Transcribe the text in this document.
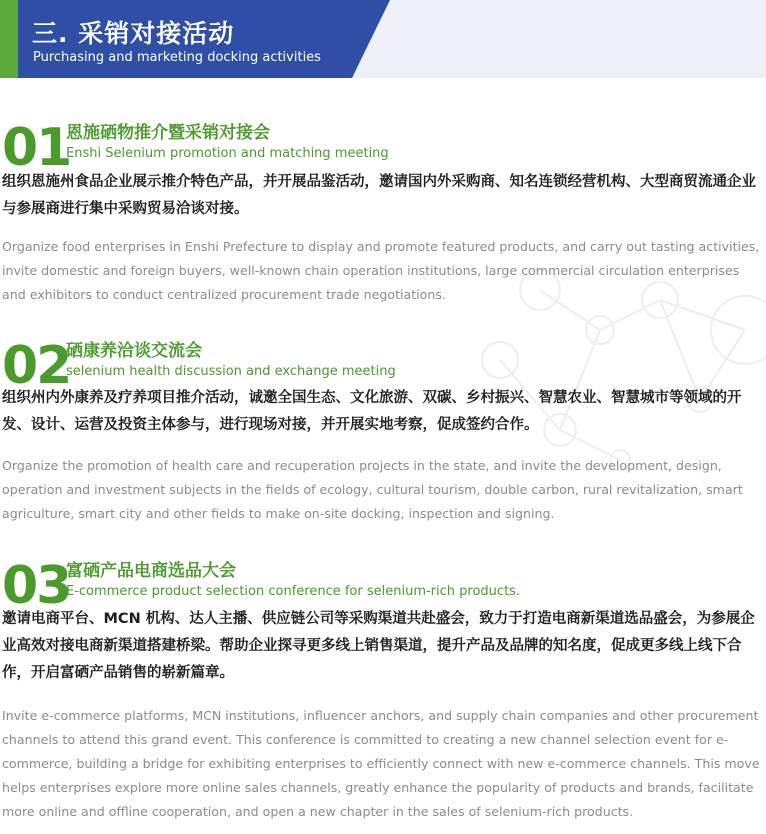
三. 采销对接活动
Purchasing and marketing docking activities
01
恩施硒物推介暨采销对接会
Enshi Selenium promotion and matching meeting
组织恩施州食品企业展示推介特色产品，并开展品鉴活动，邀请国内外采购商、知名连锁经营机构、大型商贸流通企业与参展商进行集中采购贸易洽谈对接。
Organize food enterprises in Enshi Prefecture to display and promote featured products, and carry out tasting activities, invite domestic and foreign buyers, well-known chain operation institutions, large commercial circulation enterprises and exhibitors to conduct centralized procurement trade negotiations.
02
硒康养洽谈交流会
selenium health discussion and exchange meeting
组织州内外康养及疗养项目推介活动，诚邀全国生态、文化旅游、双碳、乡村振兴、智慧农业、智慧城市等领域的开发、设计、运营及投资主体参与，进行现场对接，并开展实地考察，促成签约合作。
Organize the promotion of health care and recuperation projects in the state, and invite the development, design, operation and investment subjects in the fields of ecology, cultural tourism, double carbon, rural revitalization, smart agriculture, smart city and other fields to make on-site docking, inspection and signing.
03
富硒产品电商选品大会
E-commerce product selection conference for selenium-rich products.
邀请电商平台、MCN 机构、达人主播、供应链公司等采购渠道共赴盛会，致力于打造电商新渠道选品盛会，为参展企业高效对接电商新渠道搭建桥梁。帮助企业探寻更多线上销售渠道，提升产品及品牌的知名度，促成更多线上线下合作，开启富硒产品销售的崭新篇章。
Invite e-commerce platforms, MCN institutions, influencer anchors, and supply chain companies and other procurement channels to attend this grand event. This conference is committed to creating a new channel selection event for e-commerce, building a bridge for exhibiting enterprises to efficiently connect with new e-commerce channels. This move helps enterprises explore more online sales channels, greatly enhance the popularity of products and brands, facilitate more online and offline cooperation, and open a new chapter in the sales of selenium-rich products.
